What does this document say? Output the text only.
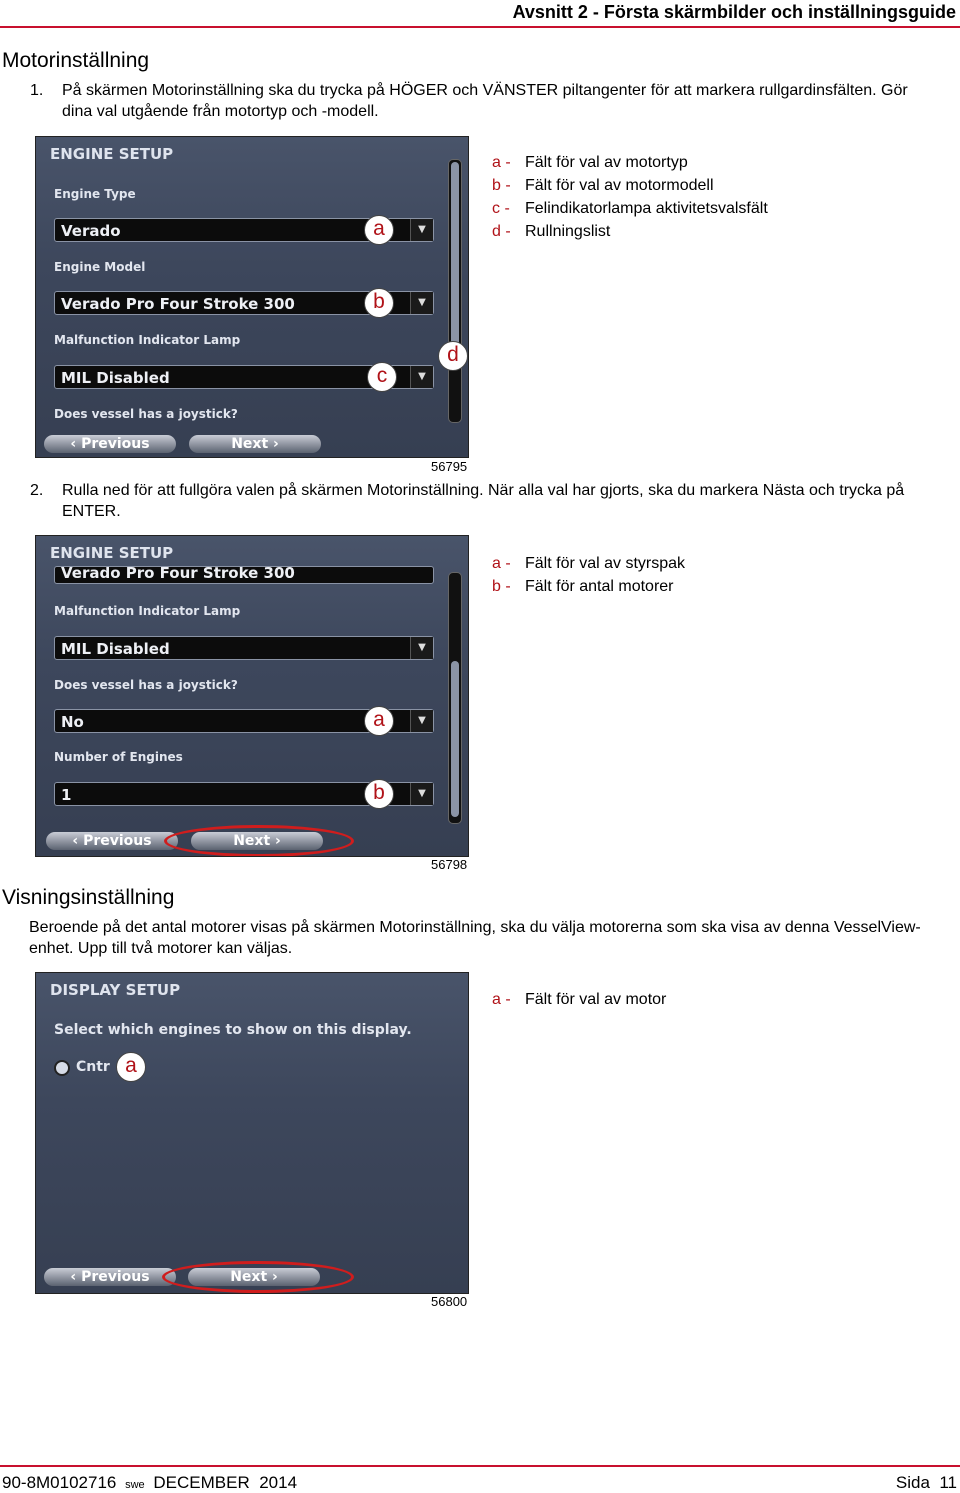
Avsnitt 2 - Första skärmbilder och inställningsguide
Motorinställning
1. På skärmen Motorinställning ska du trycka på HÖGER och VÄNSTER piltangenter för att markera rullgardinsfälten. Gör dina val utgående från motortyp och -modell.
ENGINE SETUP
Engine Type
Verado	▼
Engine Model
Verado Pro Four Stroke 300	▼
Malfunction Indicator Lamp
MIL Disabled	▼
Does vessel has a joystick?
‹ Previous	Next ›
a
b
c
d
56795
a - Fält för val av motortyp
b - Fält för val av motormodell
c - Felindikatorlampa aktivitetsvalsfält
d - Rullningslist
2. Rulla ned för att fullgöra valen på skärmen Motorinställning. När alla val har gjorts, ska du markera Nästa och trycka på ENTER.
ENGINE SETUP
Verado Pro Four Stroke 300
Malfunction Indicator Lamp
MIL Disabled	▼
Does vessel has a joystick?
No	▼
Number of Engines
1	▼
‹ Previous	Next ›
a
b
56798
a - Fält för val av styrspak
b - Fält för antal motorer
Visningsinställning
Beroende på det antal motorer visas på skärmen Motorinställning, ska du välja motorerna som ska visa av denna VesselView-enhet. Upp till två motorer kan väljas.
DISPLAY SETUP
Select which engines to show on this display.
Cntr
‹ Previous	Next ›
a
56800
a - Fält för val av motor
90-8M0102716 swe DECEMBER  2014	Sida  11
